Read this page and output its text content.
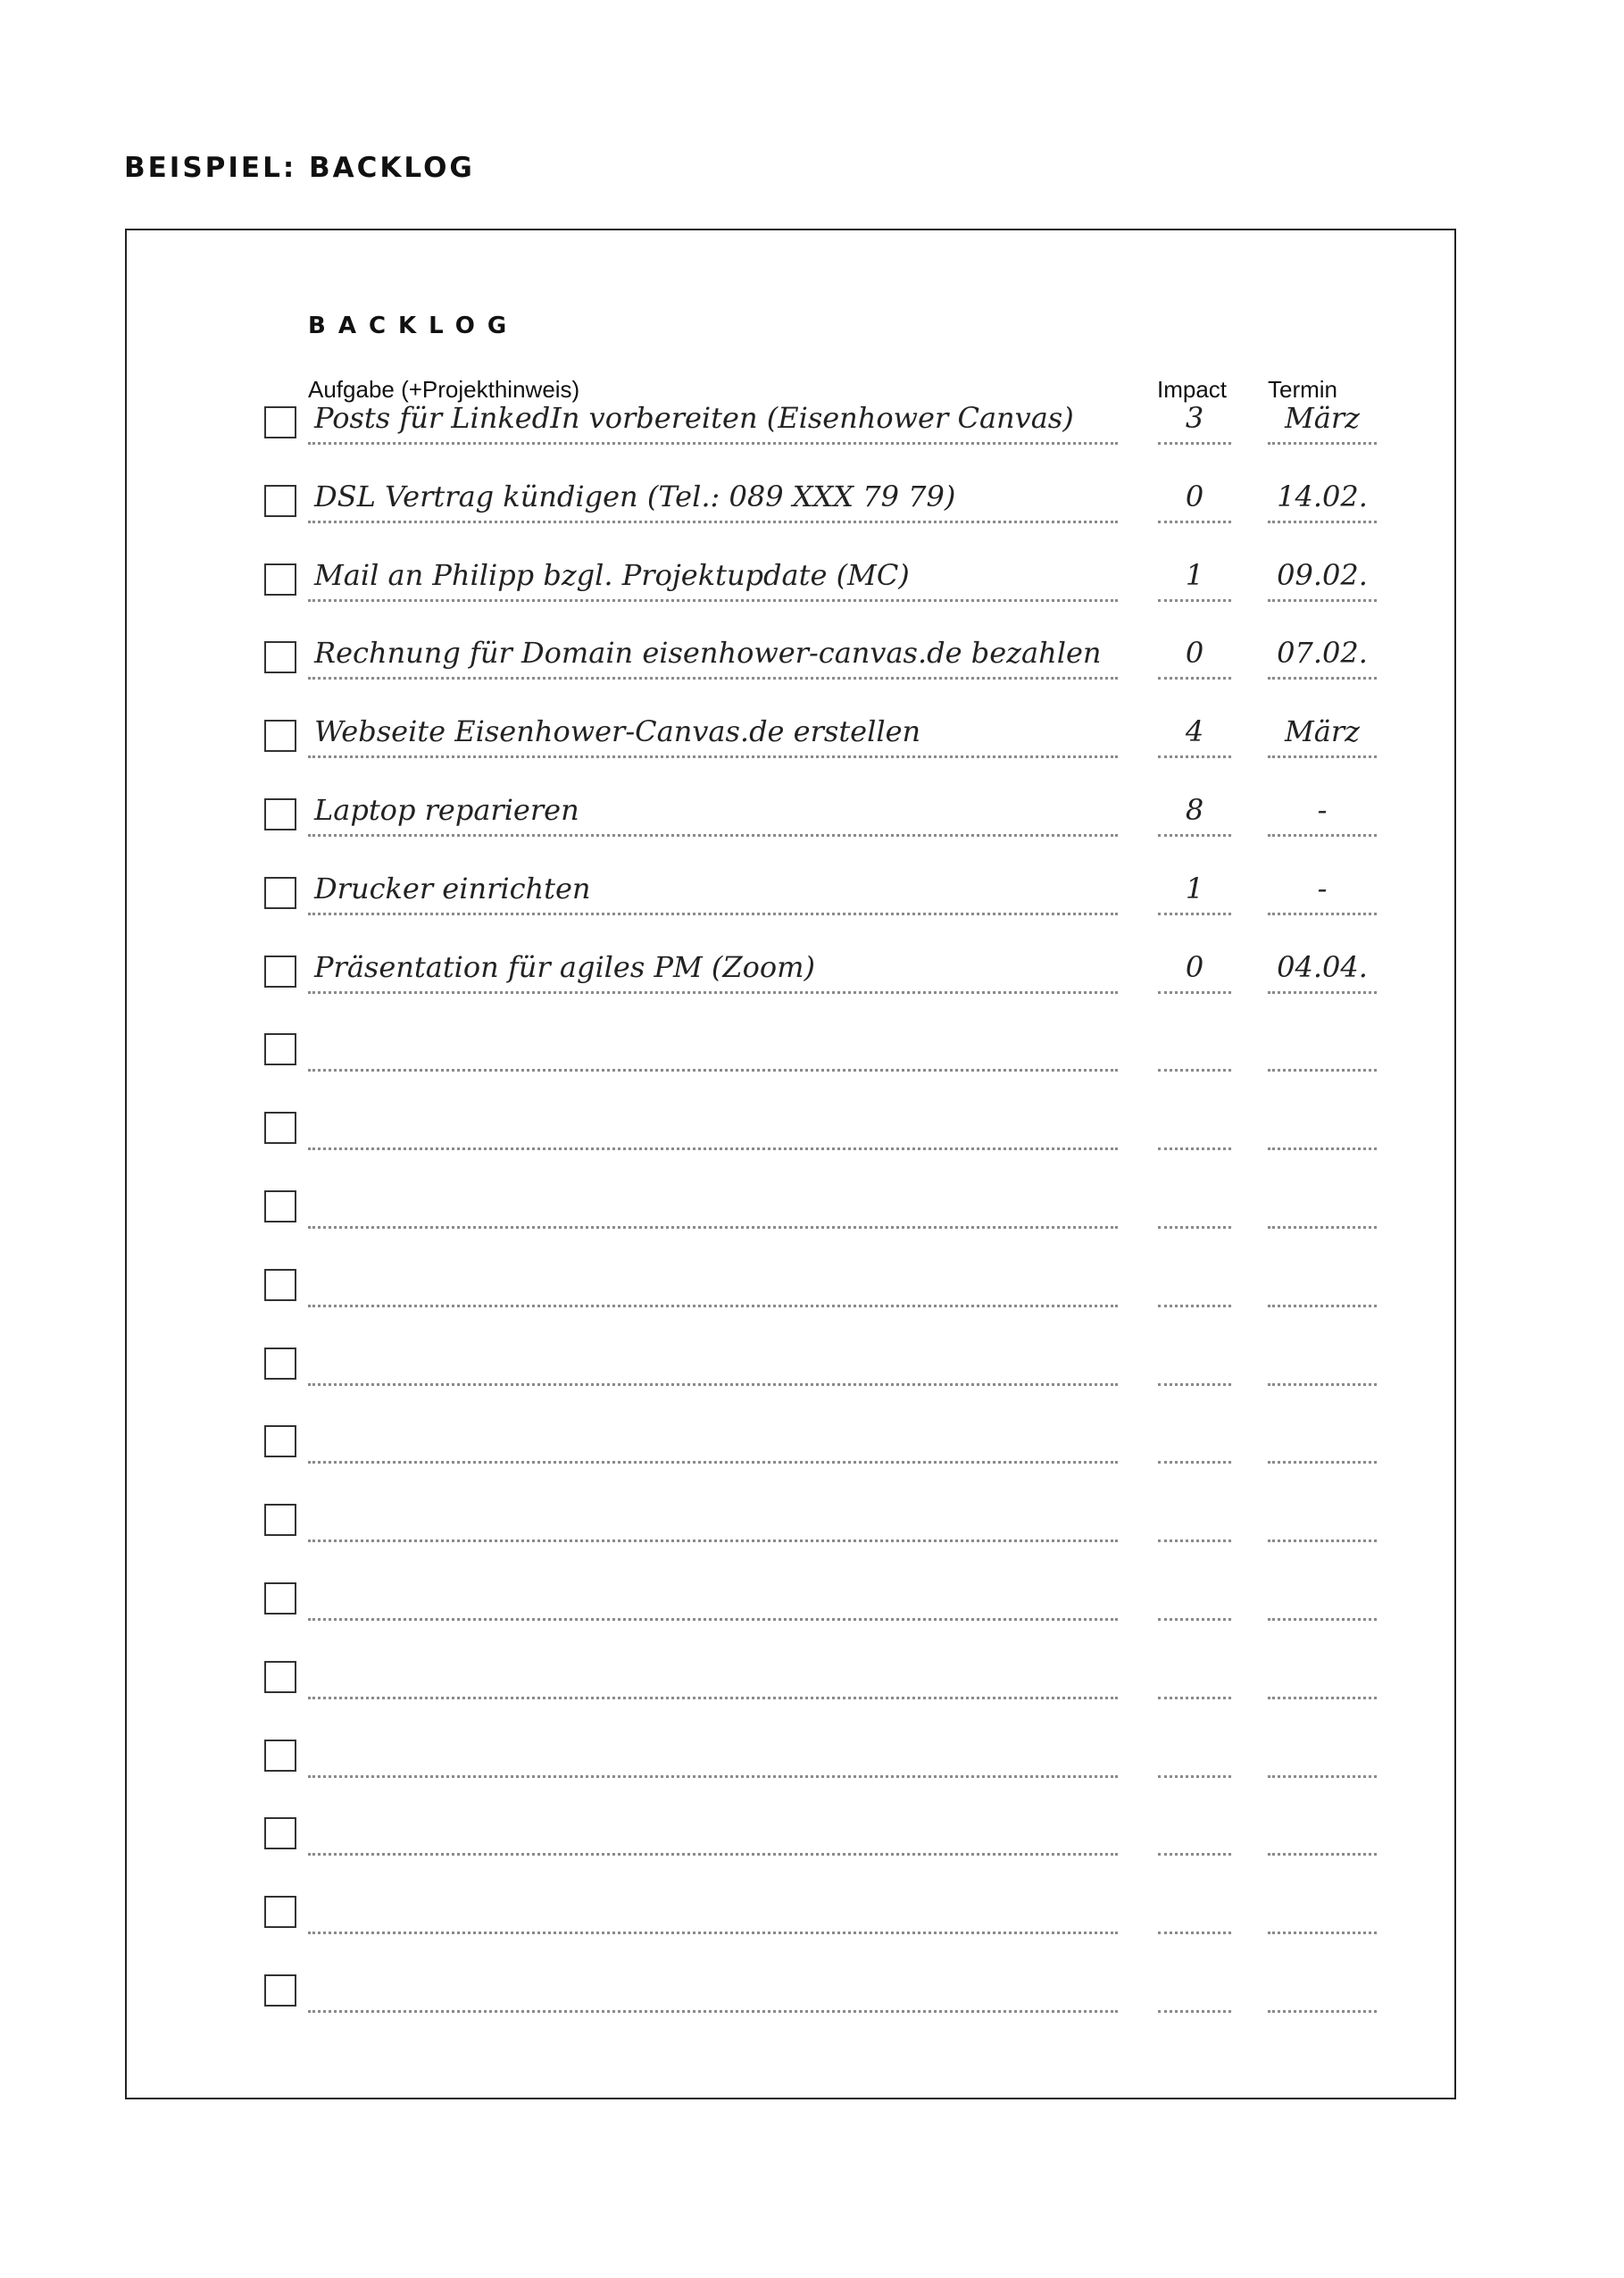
BEISPIEL: BACKLOG
BACKLOG
Aufgabe (+Projekthinweis)	Impact Termin
Posts für LinkedIn vorbereiten (Eisenhower Canvas)	3	März
DSL Vertrag kündigen (Tel.: 089 XXX 79 79)	0	14.02.
Mail an Philipp bzgl. Projektupdate (MC)	1	09.02.
Rechnung für Domain eisenhower-canvas.de bezahlen	0	07.02.
Webseite Eisenhower-Canvas.de erstellen	4	März
Laptop reparieren	8	-
Drucker einrichten	1	-
Präsentation für agiles PM (Zoom)	0	04.04.
